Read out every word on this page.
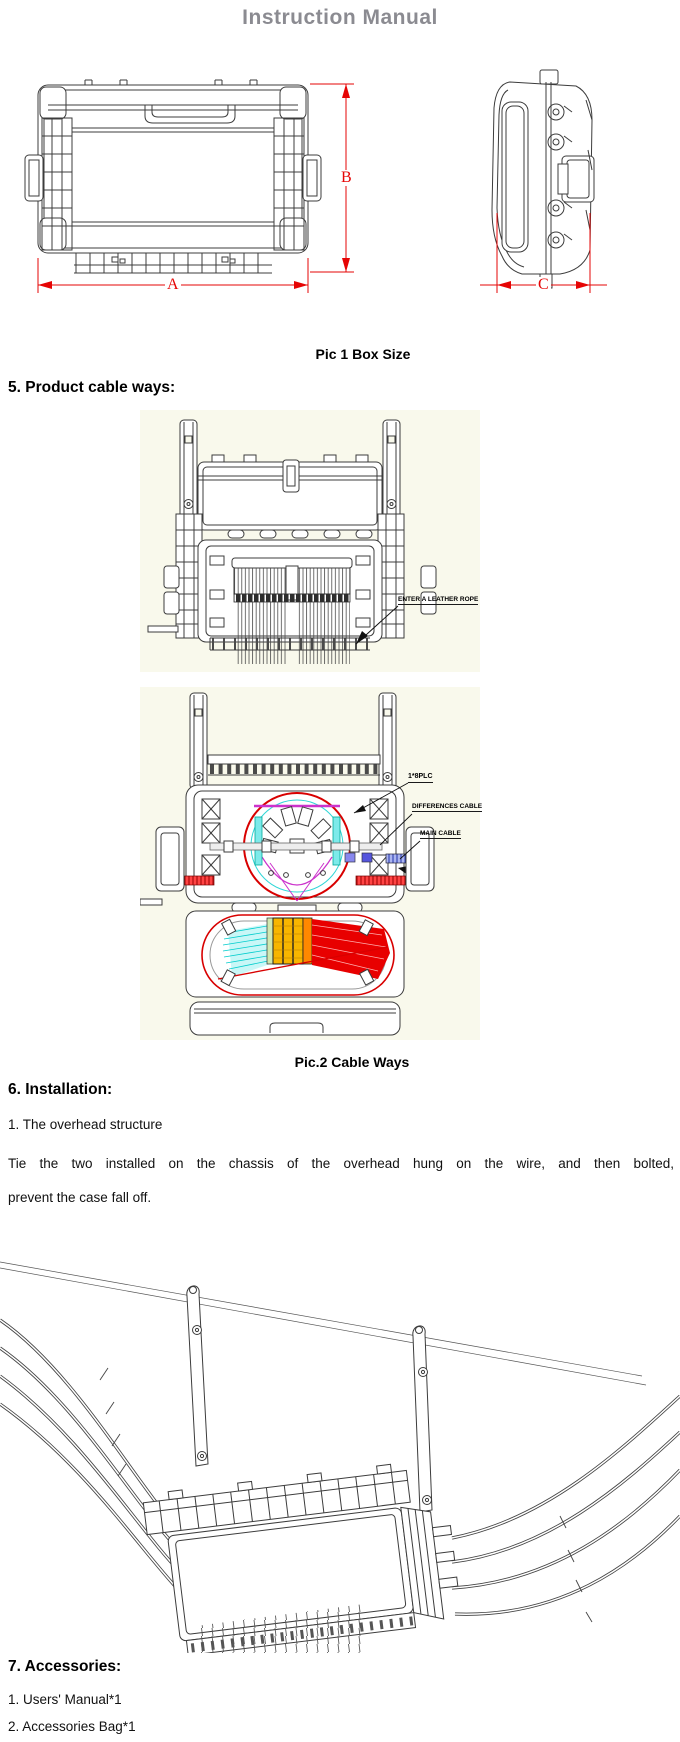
Instruction Manual
B
A	C
Pic 1 Box Size
5. Product cable ways:
ENTER A LEATHER ROPE
1*8PLC
DIFFERENCES CABLE
MAIN CABLE
Pic.2 Cable Ways
6. Installation:
1. The overhead structure
Tie the two installed on the chassis of the overhead hung on the wire, and then bolted,
prevent the case fall off.
7. Accessories:
1. Users' Manual*1
2. Accessories Bag*1
